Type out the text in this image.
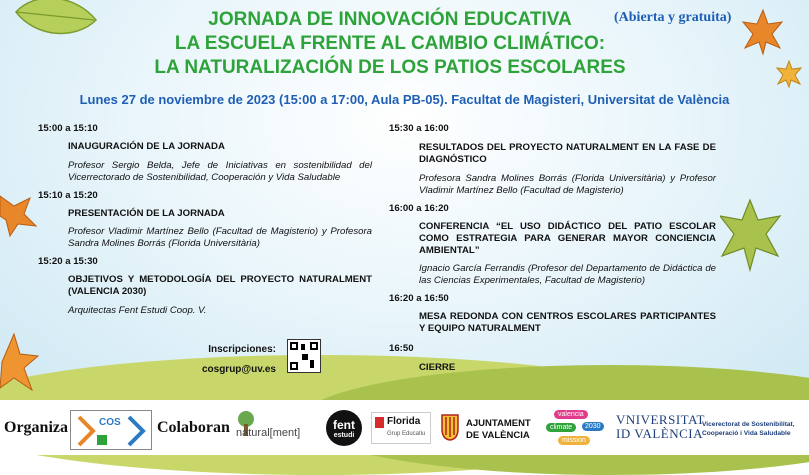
JORNADA DE INNOVACIÓN EDUCATIVA
LA ESCUELA FRENTE AL CAMBIO CLIMÁTICO:
LA NATURALIZACIÓN DE LOS PATIOS ESCOLARES
(Abierta y gratuita)
Lunes 27 de noviembre de 2023 (15:00 a 17:00, Aula PB-05). Facultat de Magisteri, Universitat de València
15:00 a 15:10
INAUGURACIÓN DE LA JORNADA
Profesor Sergio Belda, Jefe de Iniciativas en sostenibilidad del Vicerrectorado de Sostenibilidad, Cooperación y Vida Saludable
15:10 a 15:20
PRESENTACIÓN DE LA JORNADA
Profesor Vladimir Martínez Bello (Facultad de Magisterio) y Profesora Sandra Molines Borrás (Florida Universitària)
15:20 a 15:30
OBJETIVOS Y METODOLOGÍA DEL PROYECTO NATURALMENT (VALENCIA 2030)
Arquitectas Fent Estudi Coop. V.
15:30 a 16:00
RESULTADOS DEL PROYECTO NATURALMENT EN LA FASE DE DIAGNÓSTICO
Profesora Sandra Molines Borrás (Florida Universitària) y Profesor Vladimir Martínez Bello (Facultad de Magisterio)
16:00 a 16:20
CONFERENCIA “EL USO DIDÁCTICO DEL PATIO ESCOLAR COMO ESTRATEGIA PARA GENERAR MAYOR CONCIENCIA AMBIENTAL”
Ignacio García Ferrandis (Profesor del Departamento de Didáctica de las Ciencias Experimentales, Facultad de Magisterio)
16:20 a 16:50
MESA REDONDA CON CENTROS ESCOLARES PARTICIPANTES Y EQUIPO NATURALMENT
16:50
CIERRE
Inscripciones:
cosgrup@uv.es
Organiza	COS Colaboran natural[ment]
fent
estudi
Florida
Grup Educatiu
AJUNTAMENT
DE VALÈNCIA
valencia
climate
mission
2030 VNIVERSITAT
ID VALÈNCIA
Vicerectorat de Sostenibilitat,
Cooperació i Vida Saludable
